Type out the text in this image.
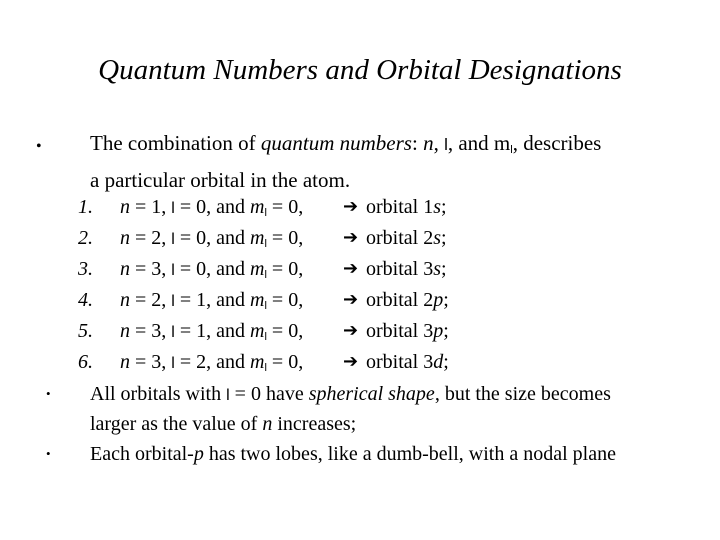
Quantum Numbers and Orbital Designations
• The combination of quantum numbers: n, l, and ml, describes
a particular orbital in the atom.
1. n = 1, l = 0, and ml = 0, ➔ orbital 1s;
2. n = 2, l = 0, and ml = 0, ➔ orbital 2s;
3. n = 3, l = 0, and ml = 0, ➔ orbital 3s;
4. n = 2, l = 1, and ml = 0, ➔ orbital 2p;
5. n = 3, l = 1, and ml = 0, ➔ orbital 3p;
6. n = 3, l = 2, and ml = 0, ➔ orbital 3d;
• All orbitals with l = 0 have spherical shape, but the size becomes
larger as the value of n increases;
• Each orbital-p has two lobes, like a dumb-bell, with a nodal plane
